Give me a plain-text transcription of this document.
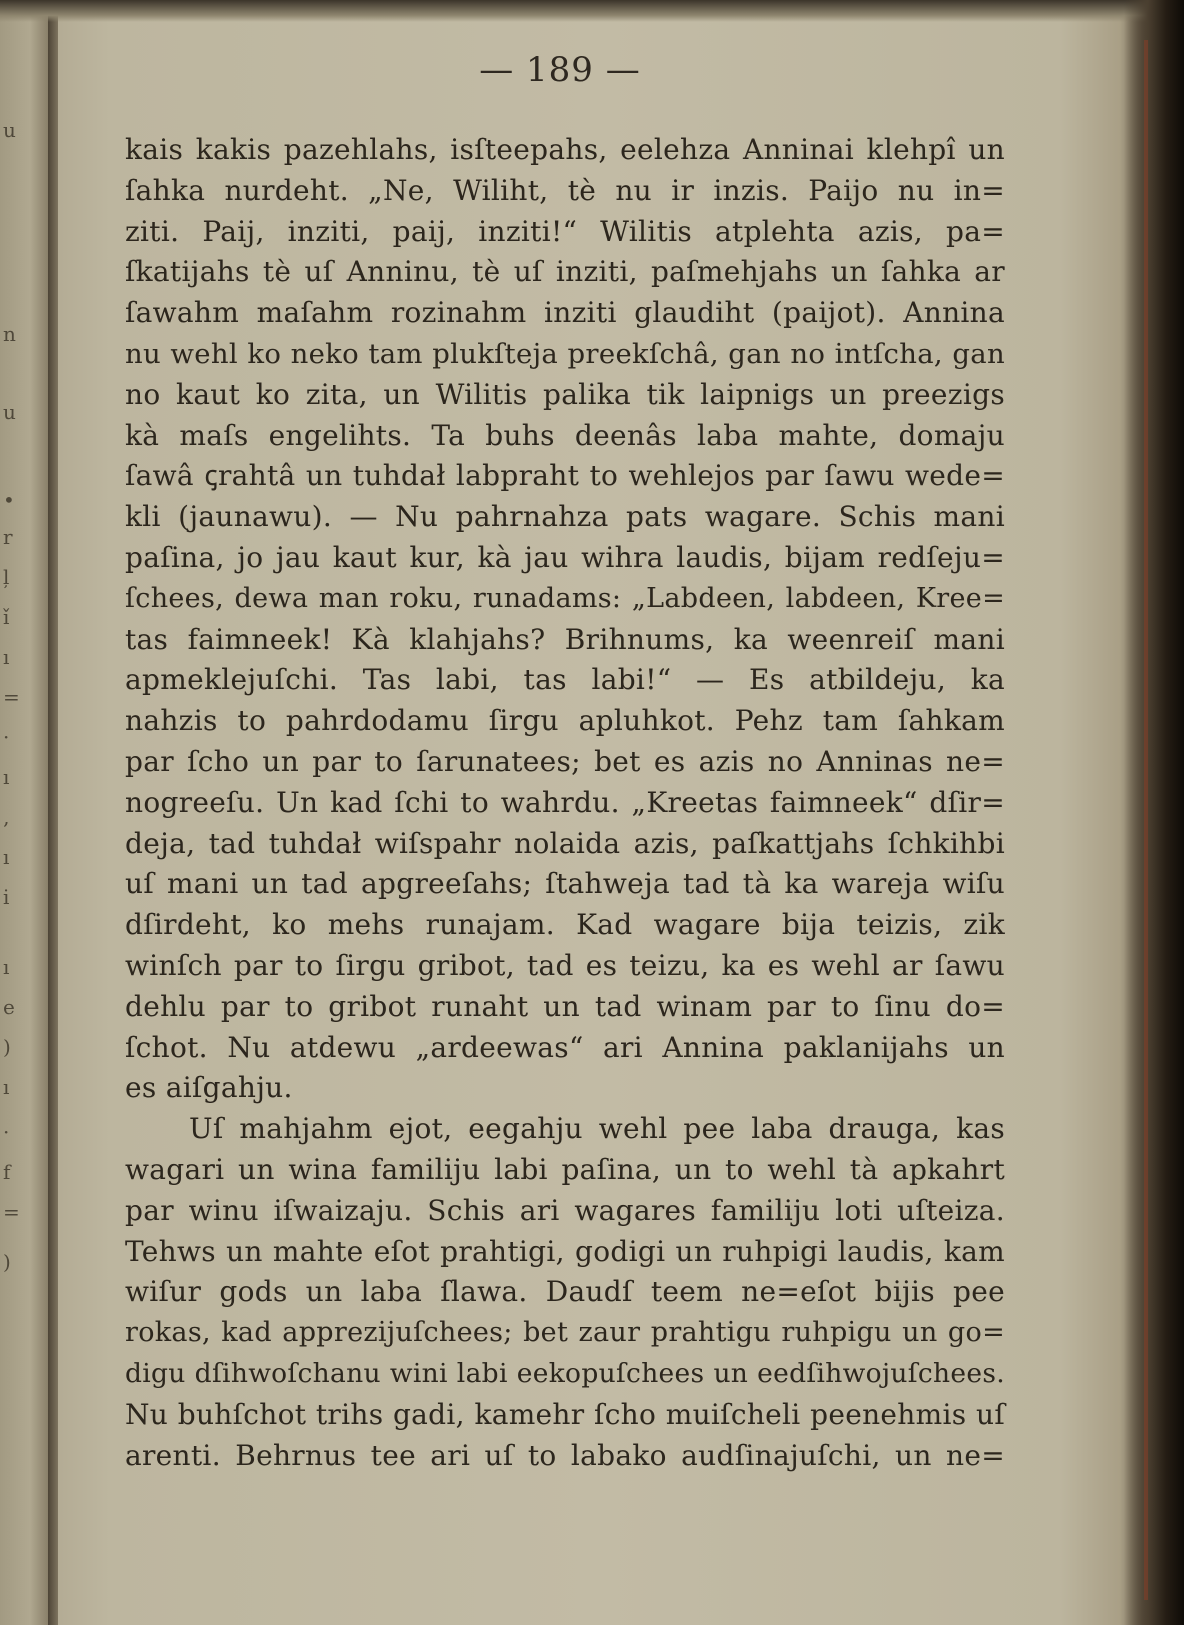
u
n
u
•
r
ļ
ǐ
ı
=
·
ı
‚
ı
i
ı
e
)
ı
·
f
=
)
— 189 —
kais kakis pazehlahs, isſteepahs, eelehza Anninai klehpî un
ſahka nurdeht. „Ne, Wiliht, tè nu ir inzis. Paijo nu in=
ziti. Paij, inziti, paij, inziti!“ Wilitis atplehta azis, pa=
ſkatijahs tè uſ Anninu, tè uſ inziti, paſmehjahs un ſahka ar
ſawahm maſahm rozinahm inziti glaudiht (paijot). Annina
nu wehl ko neko tam plukſteja preekſchâ, gan no intſcha, gan
no kaut ko zita, un Wilitis palika tik laipnigs un preezigs
kà maſs engelihts. Ta buhs deenâs laba mahte, domaju
ſawâ ꞔrahtâ un tuhdał labpraht to wehlejos par ſawu wede=
kli (jaunawu). — Nu pahrnahza pats wagare. Schis mani
paſina, jo jau kaut kur, kà jau wihra laudis, bijam redſeju=
ſchees, dewa man roku, runadams: „Labdeen, labdeen, Kree=
tas faimneek! Kà klahjahs? Brihnums, ka weenreiſ mani
apmeklejuſchi. Tas labi, tas labi!“ — Es atbildeju, ka
nahzis to pahrdodamu ſirgu apluhkot. Pehz tam ſahkam
par ſcho un par to ſarunatees; bet es azis no Anninas ne=
nogreeſu. Un kad ſchi to wahrdu. „Kreetas faimneek“ dſir=
deja, tad tuhdał wiſspahr nolaida azis, paſkattjahs ſchkihbi
uſ mani un tad apgreeſahs; ſtahweja tad tà ka wareja wiſu
dſirdeht, ko mehs runajam. Kad wagare bija teizis, zik
winſch par to ſirgu gribot, tad es teizu, ka es wehl ar ſawu
dehlu par to gribot runaht un tad winam par to ſinu do=
ſchot. Nu atdewu „ardeewas“ ari Annina paklanijahs un
es aiſgahju.
Uſ mahjahm ejot, eegahju wehl pee laba drauga, kas
wagari un wina familiju labi paſina, un to wehl tà apkahrt
par winu iſwaizaju. Schis ari wagares familiju loti uſteiza.
Tehws un mahte eſot prahtigi, godigi un ruhpigi laudis, kam
wiſur gods un laba ſlawa. Daudſ teem ne=eſot bijis pee
rokas, kad apprezijuſchees; bet zaur prahtigu ruhpigu un go=
digu dſihwoſchanu wini labi eekopuſchees un eedſihwojuſchees.
Nu buhſchot trihs gadi, kamehr ſcho muiſcheli peenehmis uſ
arenti. Behrnus tee ari uſ to labako audſinajuſchi, un ne=
